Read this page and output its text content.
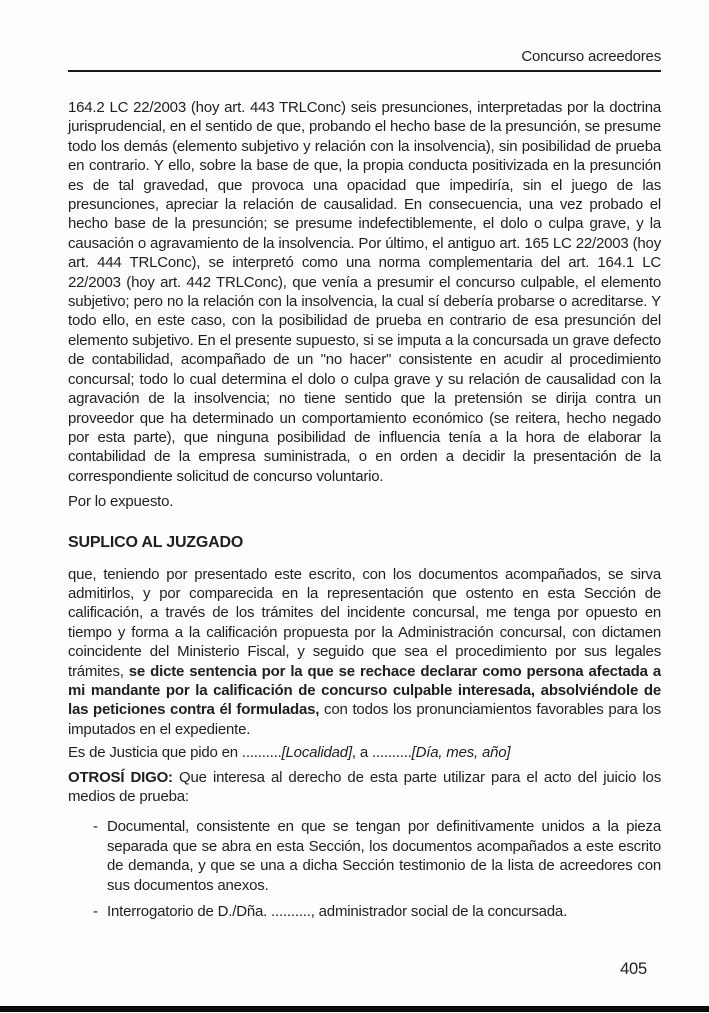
Concurso acreedores

164.2 LC 22/2003 (hoy art. 443 TRLConc) seis presunciones, interpretadas por la doctrina jurisprudencial, en el sentido de que, probando el hecho base de la presunción, se presume todo los demás (elemento subjetivo y relación con la insolvencia), sin posibilidad de prueba en contrario. Y ello, sobre la base de que, la propia conducta positivizada en la presunción es de tal gravedad, que provoca una opacidad que impediría, sin el juego de las presunciones, apreciar la relación de causalidad. En consecuencia, una vez probado el hecho base de la presunción; se presume indefectiblemente, el dolo o culpa grave, y la causación o agravamiento de la insolvencia. Por último, el antiguo art. 165 LC 22/2003 (hoy art. 444 TRLConc), se interpretó como una norma complementaria del art. 164.1 LC 22/2003 (hoy art. 442 TRLConc), que venía a presumir el concurso culpable, el elemento subjetivo; pero no la relación con la insolvencia, la cual sí debería probarse o acreditarse. Y todo ello, en este caso, con la posibilidad de prueba en contrario de esa presunción del elemento subjetivo. En el presente supuesto, si se imputa a la concursada un grave defecto de contabilidad, acompañado de un "no hacer" consistente en acudir al procedimiento concursal; todo lo cual determina el dolo o culpa grave y su relación de causalidad con la agravación de la insolvencia; no tiene sentido que la pretensión se dirija contra un proveedor que ha determinado un comportamiento económico (se reitera, hecho negado por esta parte), que ninguna posibilidad de influencia tenía a la hora de elaborar la contabilidad de la empresa suministrada, o en orden a decidir la presentación de la correspondiente solicitud de concurso voluntario.

Por lo expuesto.

SUPLICO AL JUZGADO

que, teniendo por presentado este escrito, con los documentos acompañados, se sirva admitirlos, y por comparecida en la representación que ostento en esta Sección de calificación, a través de los trámites del incidente concursal, me tenga por opuesto en tiempo y forma a la calificación propuesta por la Administración concursal, con dictamen coincidente del Ministerio Fiscal, y seguido que sea el procedimiento por sus legales trámites, se dicte sentencia por la que se rechace declarar como persona afectada a mi mandante por la calificación de concurso culpable interesada, absolviéndole de las peticiones contra él formuladas, con todos los pronunciamientos favorables para los imputados en el expediente.

Es de Justicia que pido en ..........[Localidad], a ..........[Día, mes, año]

OTROSÍ DIGO: Que interesa al derecho de esta parte utilizar para el acto del juicio los medios de prueba:

- Documental, consistente en que se tengan por definitivamente unidos a la pieza separada que se abra en esta Sección, los documentos acompañados a este escrito de demanda, y que se una a dicha Sección testimonio de la lista de acreedores con sus documentos anexos.
- Interrogatorio de D./Dña. .........., administrador social de la concursada.
405
